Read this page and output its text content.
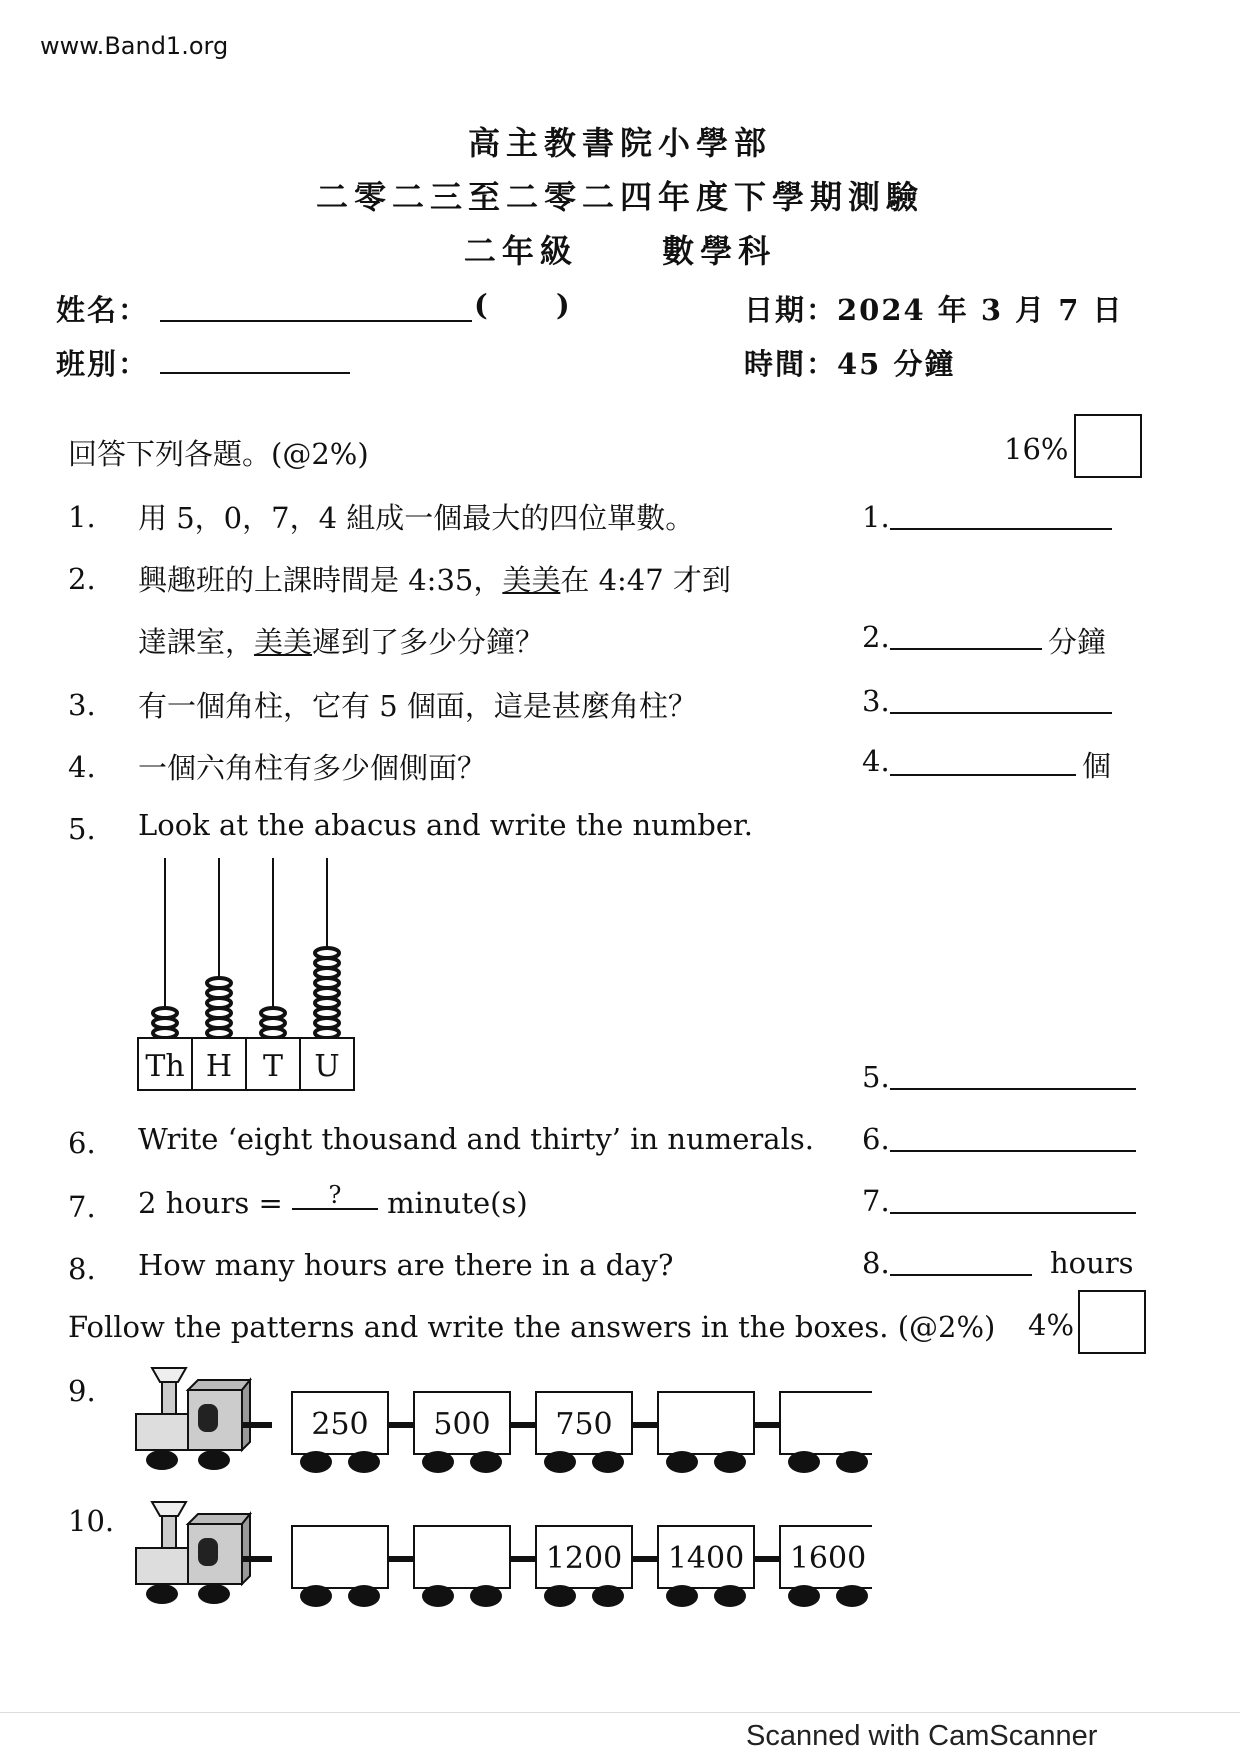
www.Band1.org
高主教書院小學部
二零二三至二零二四年度下學期測驗
二年級	數學科
姓名：	( )
班別：
日期：2024 年 3 月 7 日
時間：45 分鐘
回答下列各題。(@2%)	16%
1. 用 5，0，7，4 組成一個最大的四位單數。	1.
2. 興趣班的上課時間是 4:35，美美在 4:47 才到
達課室，美美遲到了多少分鐘？	2.	分鐘
3. 有一個角柱，它有 5 個面，這是甚麼角柱？	3.
4. 一個六角柱有多少個側面？	4.	個
5. Look at the abacus and write the number.
Th H T U	5.
6. Write ‘eight thousand and thirty’ in numerals. 6.
7. 2 hours = ? minute(s)	7.
8. How many hours are there in a day?	8.	hours
Follow the patterns and write the answers in the boxes. (@2%) 4%
9.
250 500 750
10.
1200 1400 1600
Scanned with CamScanner
